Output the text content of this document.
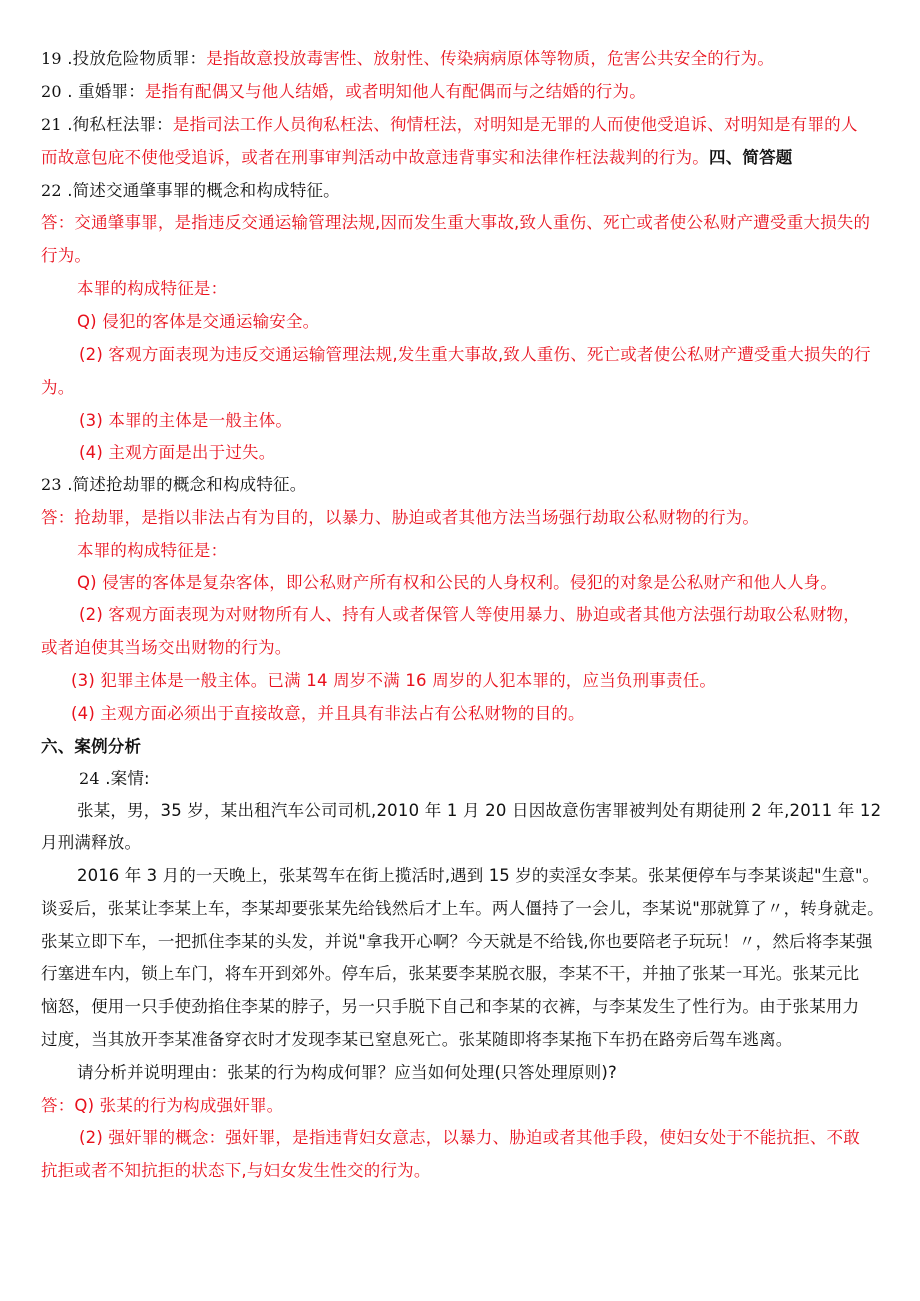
19 .投放危险物质罪：是指故意投放毒害性、放射性、传染病病原体等物质，危害公共安全的行为。
20 . 重婚罪：是指有配偶又与他人结婚，或者明知他人有配偶而与之结婚的行为。
21 .徇私枉法罪：是指司法工作人员徇私枉法、徇情枉法，对明知是无罪的人而使他受追诉、对明知是有罪的人
而故意包庇不使他受追诉，或者在刑事审判活动中故意违背事实和法律作枉法裁判的行为。四、简答题
22 .简述交通肇事罪的概念和构成特征。
答：交通肇事罪，是指违反交通运输管理法规,因而发生重大事故,致人重伤、死亡或者使公私财产遭受重大损失的
行为。
本罪的构成特征是：
Q) 侵犯的客体是交通运输安全。
(2) 客观方面表现为违反交通运输管理法规,发生重大事故,致人重伤、死亡或者使公私财产遭受重大损失的行
为。
(3) 本罪的主体是一般主体。
(4) 主观方面是出于过失。
23 .简述抢劫罪的概念和构成特征。
答：抢劫罪，是指以非法占有为目的，以暴力、胁迫或者其他方法当场强行劫取公私财物的行为。
本罪的构成特征是：
Q) 侵害的客体是复杂客体，即公私财产所有权和公民的人身权利。侵犯的对象是公私财产和他人人身。
(2) 客观方面表现为对财物所有人、持有人或者保管人等使用暴力、胁迫或者其他方法强行劫取公私财物，
或者迫使其当场交出财物的行为。
(3) 犯罪主体是一般主体。已满 14 周岁不满 16 周岁的人犯本罪的，应当负刑事责任。
(4) 主观方面必须出于直接故意，并且具有非法占有公私财物的目的。
六、案例分析
24 .案情:
张某，男，35 岁，某出租汽车公司司机,2010 年 1 月 20 日因故意伤害罪被判处有期徒刑 2 年,2011 年 12
月刑满释放。
2016 年 3 月的一天晚上，张某驾车在街上揽活时,遇到 15 岁的卖淫女李某。张某便停车与李某谈起"生意"。
谈妥后，张某让李某上车，李某却要张某先给钱然后才上车。两人僵持了一会儿，李某说"那就算了〃，转身就走。
张某立即下车，一把抓住李某的头发，并说"拿我开心啊？今天就是不给钱,你也要陪老子玩玩！〃，然后将李某强
行塞进车内，锁上车门，将车开到郊外。停车后，张某要李某脱衣服，李某不干，并抽了张某一耳光。张某元比
恼怒，便用一只手使劲掐住李某的脖子，另一只手脱下自己和李某的衣裤，与李某发生了性行为。由于张某用力
过度，当其放开李某准备穿衣时才发现李某已窒息死亡。张某随即将李某拖下车扔在路旁后驾车逃离。
请分析并说明理由：张某的行为构成何罪？应当如何处理(只答处理原则)?
答：Q) 张某的行为构成强奸罪。
(2) 强奸罪的概念：强奸罪，是指违背妇女意志，以暴力、胁迫或者其他手段，使妇女处于不能抗拒、不敢
抗拒或者不知抗拒的状态下,与妇女发生性交的行为。
